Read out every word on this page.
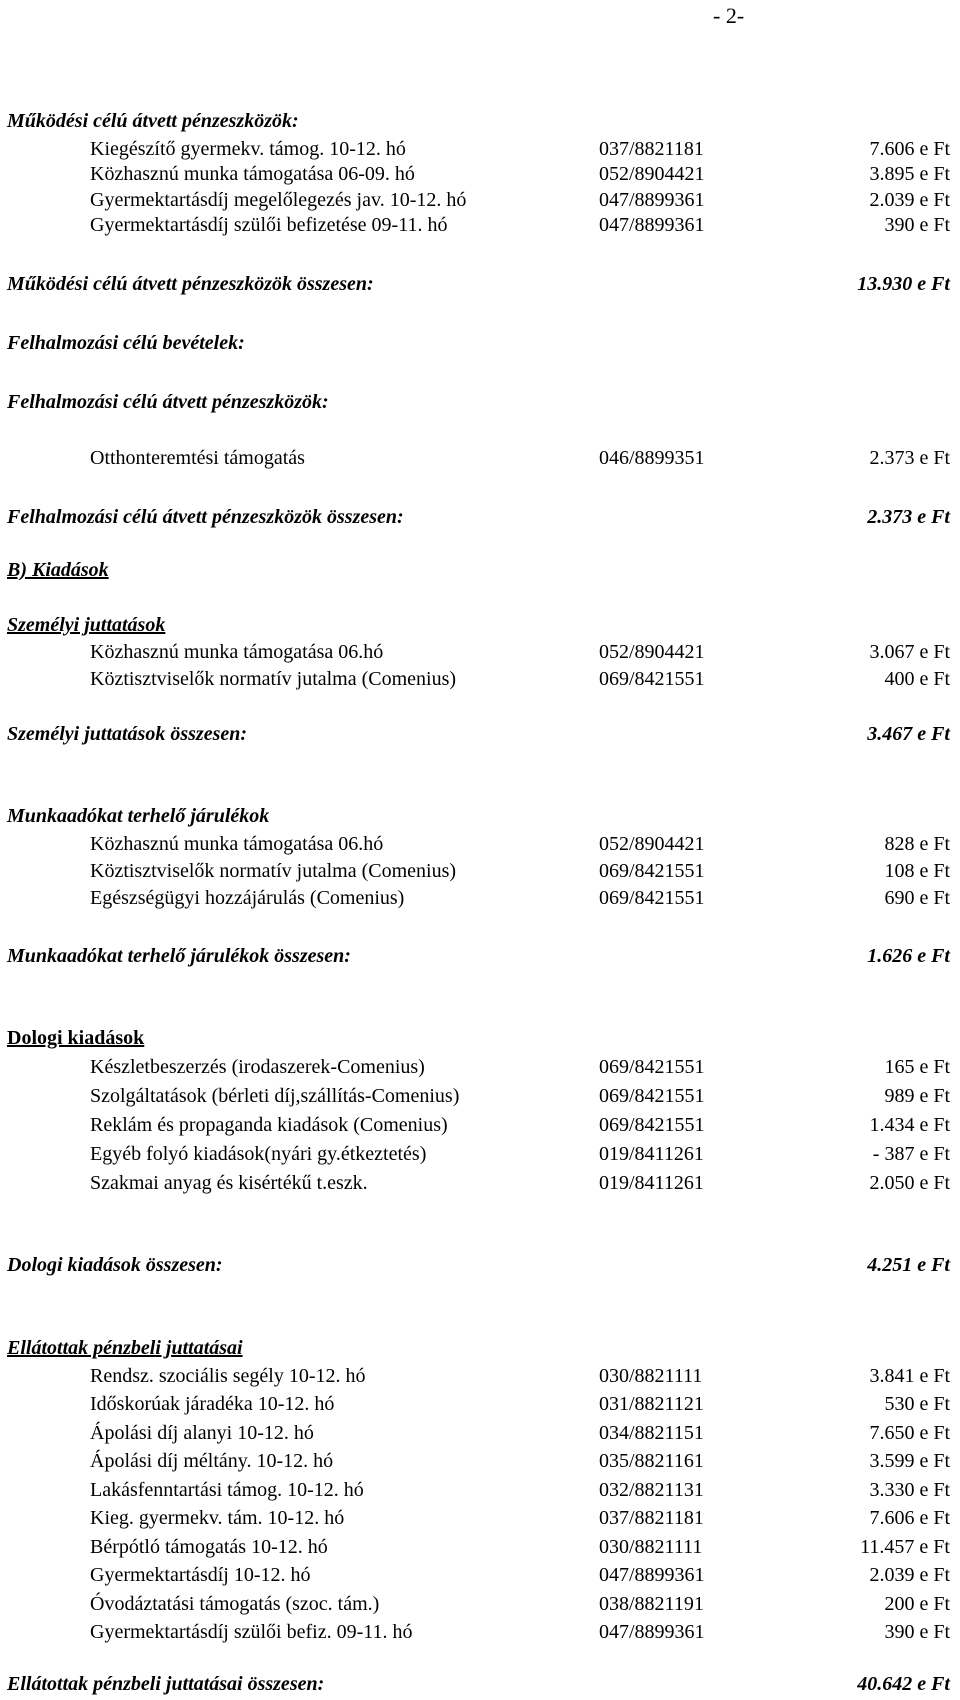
- 2-
Működési célú átvett pénzeszközök:
Kiegészítő gyermekv. támog. 10-12. hó	037/8821181	7.606 e Ft
Közhasznú munka támogatása 06-09. hó	052/8904421	3.895 e Ft
Gyermektartásdíj megelőlegezés jav. 10-12. hó	047/8899361	2.039 e Ft
Gyermektartásdíj szülői befizetése 09-11. hó	047/8899361	390 e Ft
Működési célú átvett pénzeszközök összesen:	13.930 e Ft
Felhalmozási célú bevételek:
Felhalmozási célú átvett pénzeszközök:
Otthonteremtési támogatás	046/8899351	2.373 e Ft
Felhalmozási célú átvett pénzeszközök összesen:	2.373 e Ft
B) Kiadások
Személyi juttatások
Közhasznú munka támogatása 06.hó	052/8904421	3.067 e Ft
Köztisztviselők normatív jutalma (Comenius)	069/8421551	400 e Ft
Személyi juttatások összesen:	3.467 e Ft
Munkaadókat terhelő járulékok
Közhasznú munka támogatása 06.hó	052/8904421	828 e Ft
Köztisztviselők normatív jutalma (Comenius)	069/8421551	108 e Ft
Egészségügyi hozzájárulás (Comenius)	069/8421551	690 e Ft
Munkaadókat terhelő járulékok összesen:	1.626 e Ft
Dologi kiadások
Készletbeszerzés (irodaszerek-Comenius)	069/8421551	165 e Ft
Szolgáltatások (bérleti díj,szállítás-Comenius)	069/8421551	989 e Ft
Reklám és propaganda kiadások (Comenius)	069/8421551	1.434 e Ft
Egyéb folyó kiadások(nyári gy.étkeztetés)	019/8411261	- 387 e Ft
Szakmai anyag és kisértékű t.eszk.	019/8411261	2.050 e Ft
Dologi kiadások összesen:	4.251 e Ft
Ellátottak pénzbeli juttatásai
Rendsz. szociális segély 10-12. hó	030/8821111	3.841 e Ft
Időskorúak járadéka 10-12. hó	031/8821121	530 e Ft
Ápolási díj alanyi 10-12. hó	034/8821151	7.650 e Ft
Ápolási díj méltány. 10-12. hó	035/8821161	3.599 e Ft
Lakásfenntartási támog. 10-12. hó	032/8821131	3.330 e Ft
Kieg. gyermekv. tám. 10-12. hó	037/8821181	7.606 e Ft
Bérpótló támogatás 10-12. hó	030/8821111	11.457 e Ft
Gyermektartásdíj 10-12. hó	047/8899361	2.039 e Ft
Óvodáztatási támogatás (szoc. tám.)	038/8821191	200 e Ft
Gyermektartásdíj szülői befiz. 09-11. hó	047/8899361	390 e Ft
Ellátottak pénzbeli juttatásai összesen:	40.642 e Ft
